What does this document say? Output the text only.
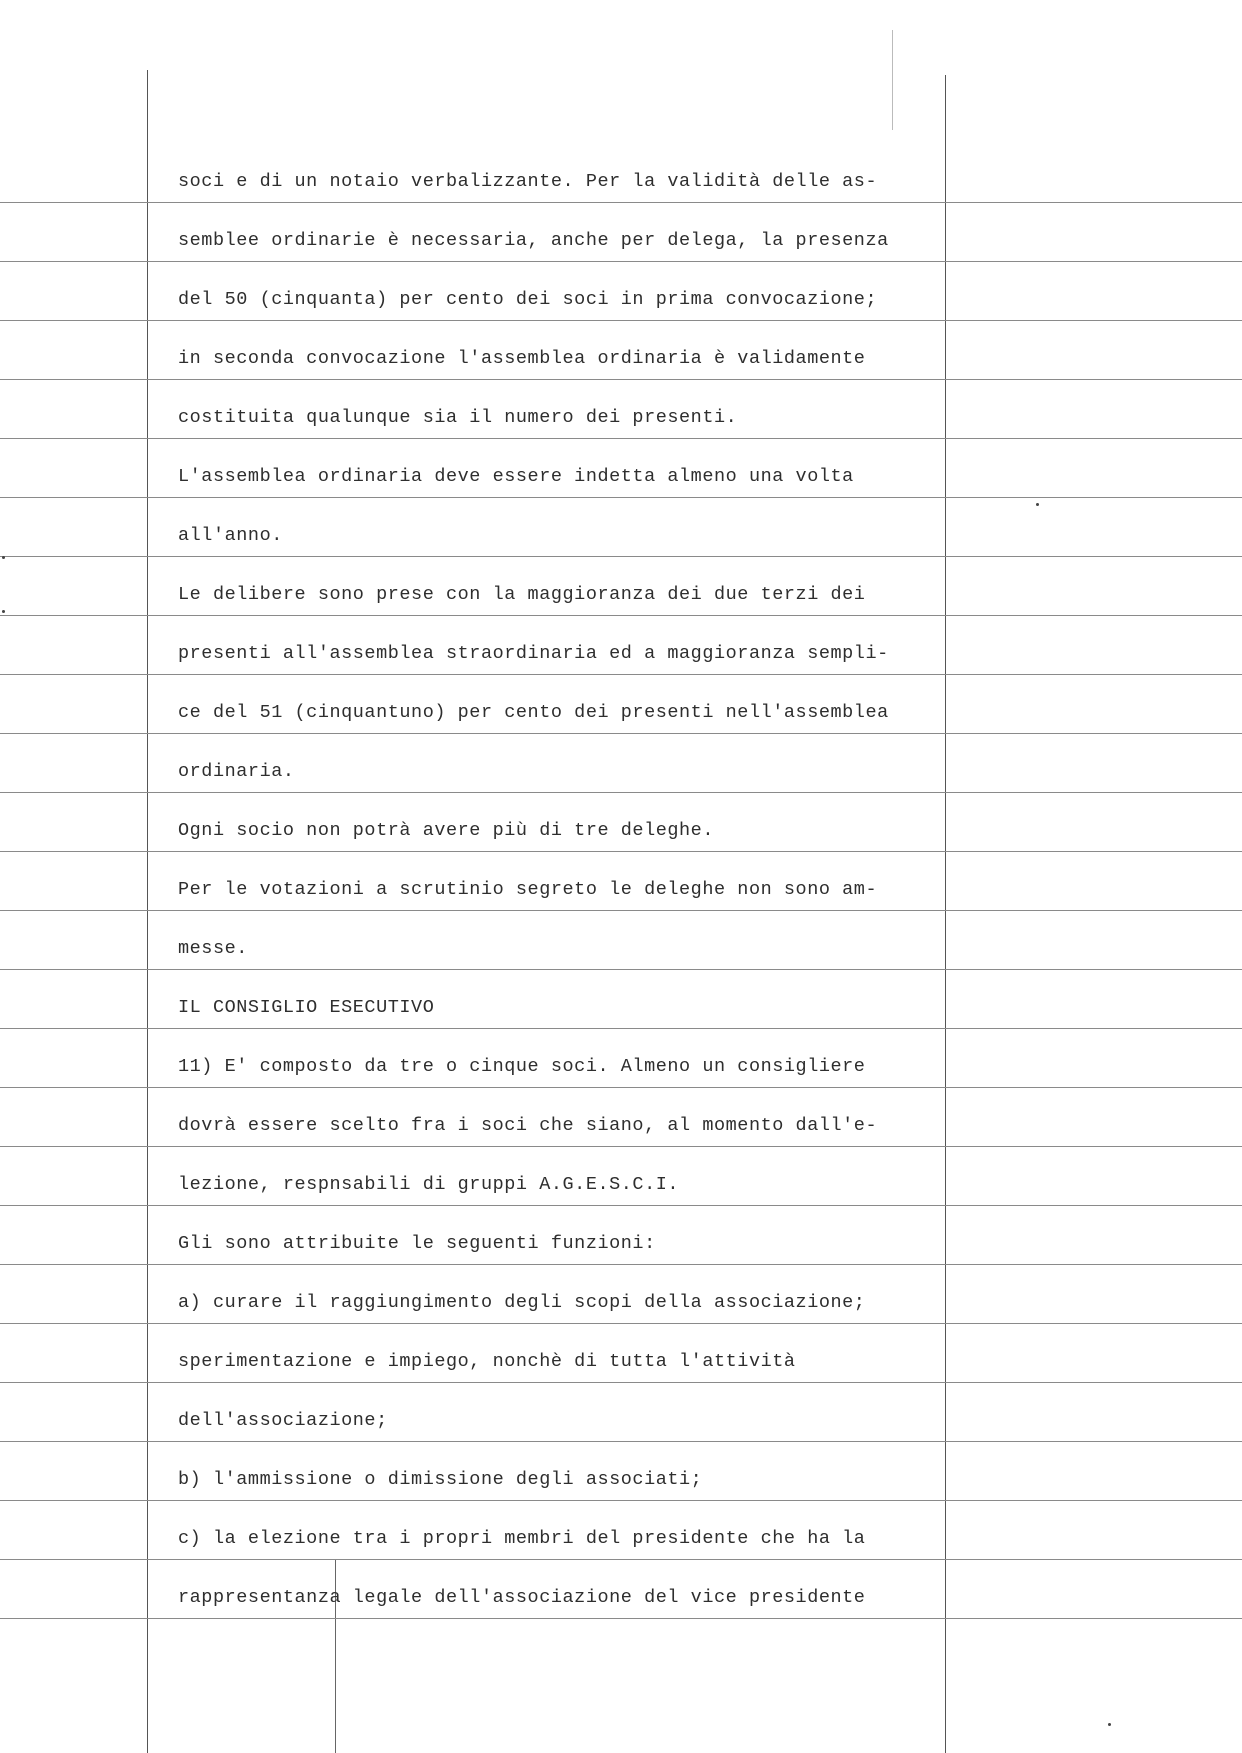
soci e di un notaio verbalizzante. Per la validità delle as-
semblee ordinarie è necessaria, anche per delega, la presenza
del 50 (cinquanta) per cento dei soci in prima convocazione;
in seconda convocazione l'assemblea ordinaria è validamente
costituita qualunque sia il numero dei presenti.
L'assemblea ordinaria deve essere indetta almeno una volta
all'anno.
Le delibere sono prese con la maggioranza dei due terzi dei
presenti all'assemblea straordinaria ed a maggioranza sempli-
ce del 51 (cinquantuno) per cento dei presenti nell'assemblea
ordinaria.
Ogni socio non potrà avere più di tre deleghe.
Per le votazioni a scrutinio segreto le deleghe non sono am-
messe.
IL CONSIGLIO ESECUTIVO
11) E' composto da tre o cinque soci. Almeno un consigliere
dovrà essere scelto fra i soci che siano, al momento dall'e-
lezione, respnsabili di gruppi A.G.E.S.C.I.
Gli sono attribuite le seguenti funzioni:
a) curare il raggiungimento degli scopi della associazione;
sperimentazione e impiego, nonchè di tutta l'attività
dell'associazione;
b) l'ammissione o dimissione degli associati;
c) la elezione tra i propri membri del presidente che ha la
rappresentanza legale dell'associazione del vice presidente
